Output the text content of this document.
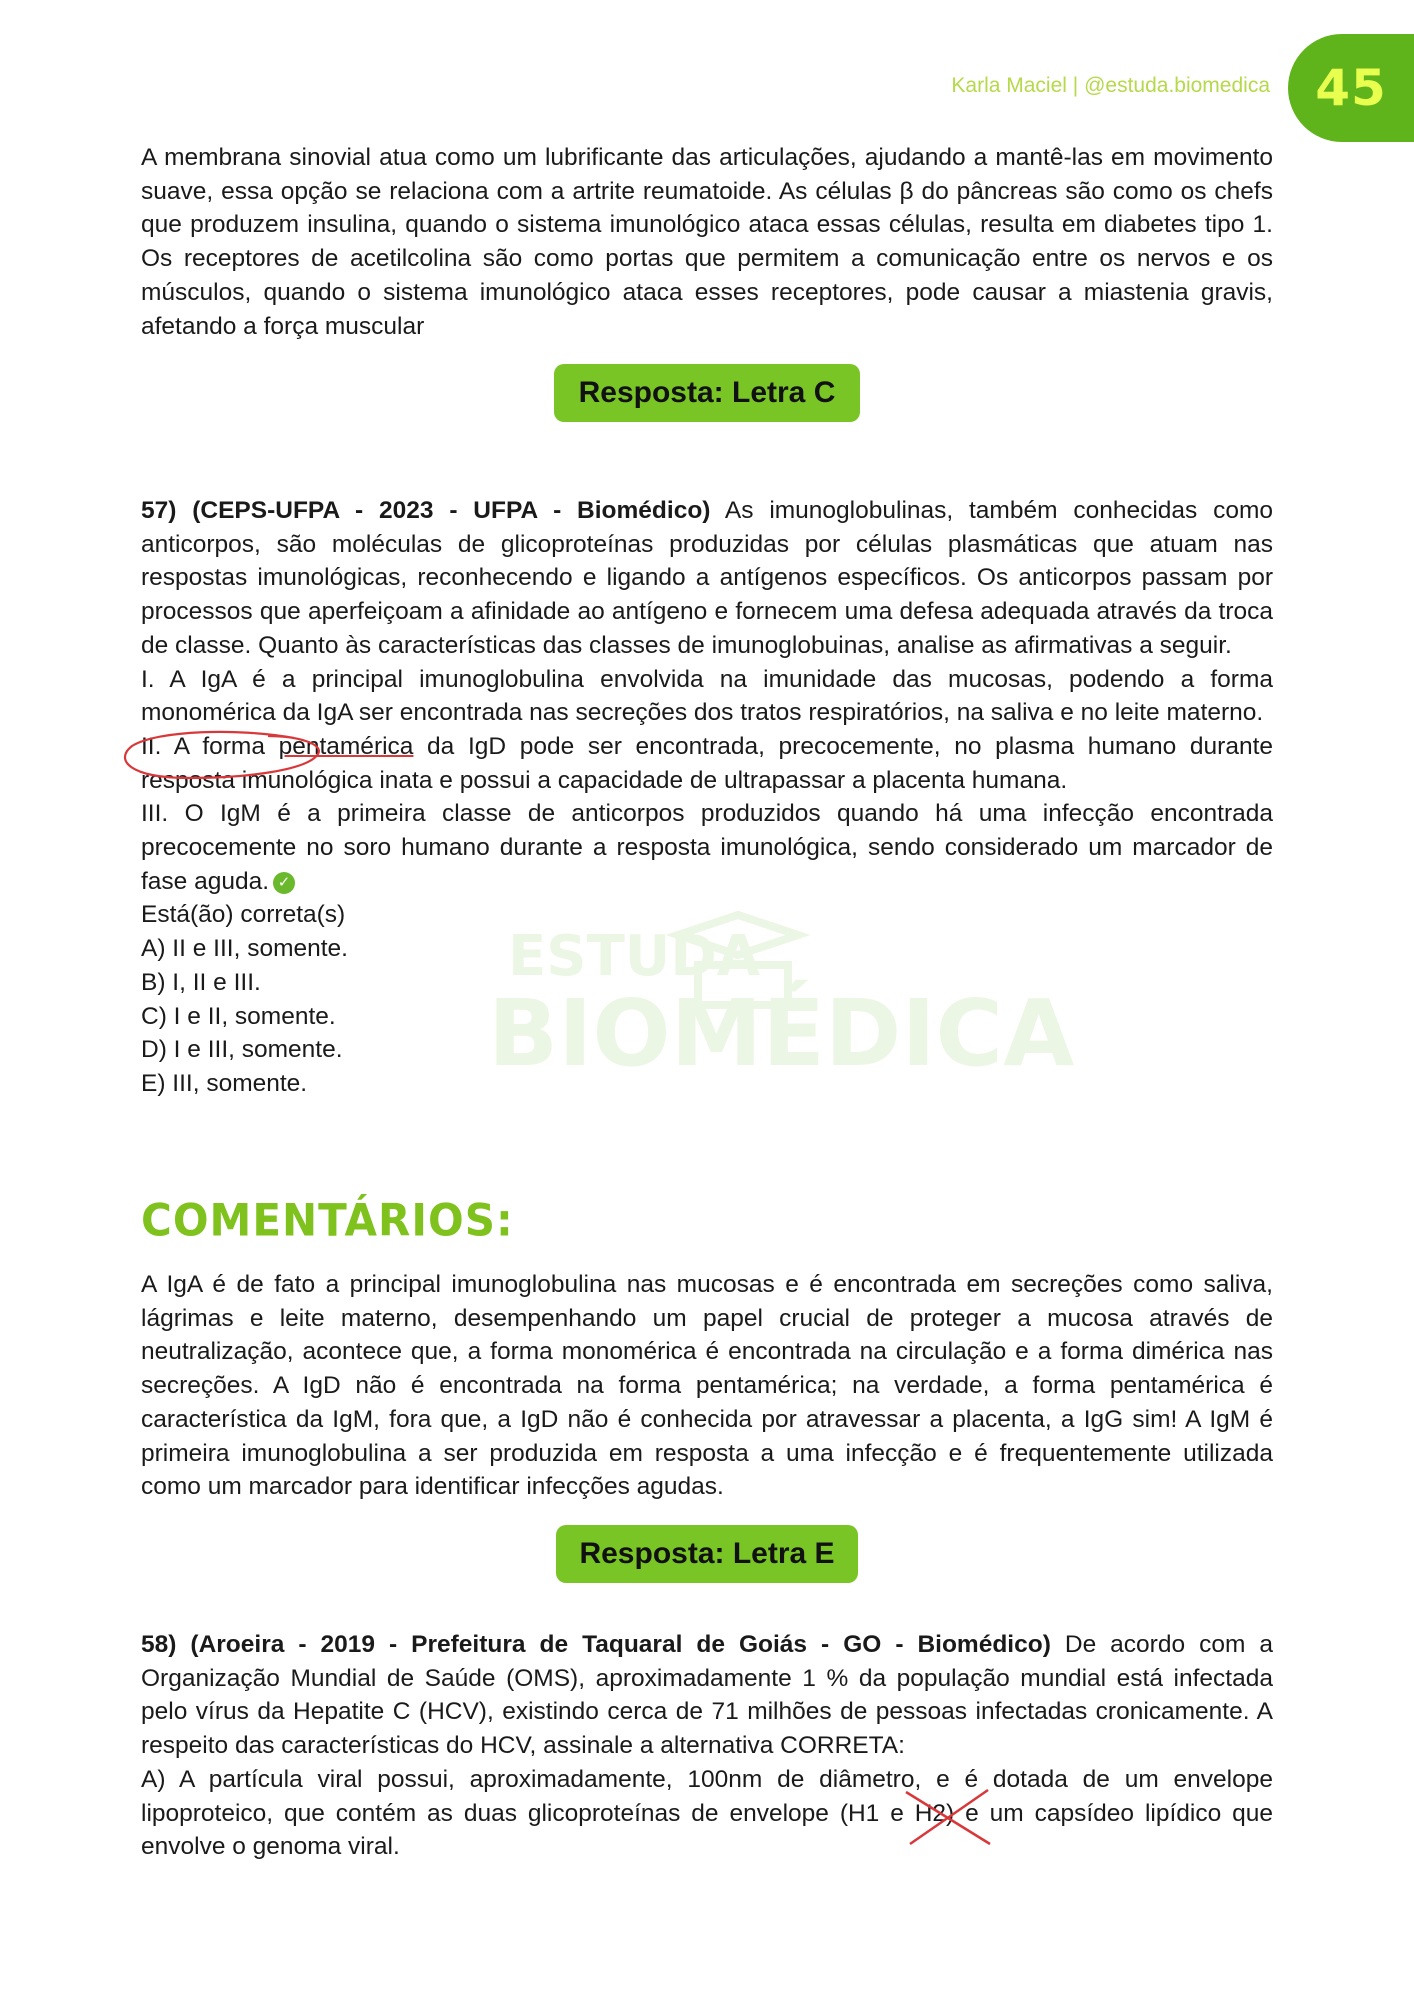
Karla Maciel | @estuda.biomedica 45
ESTUDA
BIOMÉDICA

A membrana sinovial atua como um lubrificante das articulações, ajudando a mantê-las em movimento suave, essa opção se relaciona com a artrite reumatoide. As células β do pâncreas são como os chefs que produzem insulina, quando o sistema imunológico ataca essas células, resulta em diabetes tipo 1. Os receptores de acetilcolina são como portas que permitem a comunicação entre os nervos e os músculos, quando o sistema imunológico ataca esses receptores, pode causar a miastenia gravis, afetando a força muscular

Resposta: Letra C

57) (CEPS-UFPA - 2023 - UFPA - Biomédico) As imunoglobulinas, também conhecidas como anticorpos, são moléculas de glicoproteínas produzidas por células plasmáticas que atuam nas respostas imunológicas, reconhecendo e ligando a antígenos específicos. Os anticorpos passam por processos que aperfeiçoam a afinidade ao antígeno e fornecem uma defesa adequada através da troca de classe. Quanto às características das classes de imunoglobuinas, analise as afirmativas a seguir.

I. A IgA é a principal imunoglobulina envolvida na imunidade das mucosas, podendo a forma monomérica da IgA ser encontrada nas secreções dos tratos respiratórios, na saliva e no leite materno.

II. A forma pentamérica da IgD pode ser encontrada, precocemente, no plasma humano durante resposta imunológica inata e possui a capacidade de ultrapassar a placenta humana.

III. O IgM é a primeira classe de anticorpos produzidos quando há uma infecção encontrada precocemente no soro humano durante a resposta imunológica, sendo considerado um marcador de fase aguda. ✓

Está(ão) correta(s)

A) II e III, somente.

B) I, II e III.

C) I e II, somente.

D) I e III, somente.

E) III, somente.

COMENTÁRIOS:

A IgA é de fato a principal imunoglobulina nas mucosas e é encontrada em secreções como saliva, lágrimas e leite materno, desempenhando um papel crucial de proteger a mucosa através de neutralização, acontece que, a forma monomérica é encontrada na circulação e a forma dimérica nas secreções. A IgD não é encontrada na forma pentamérica; na verdade, a forma pentamérica é característica da IgM, fora que, a IgD não é conhecida por atravessar a placenta, a IgG sim! A IgM é primeira imunoglobulina a ser produzida em resposta a uma infecção e é frequentemente utilizada como um marcador para identificar infecções agudas.

Resposta: Letra E

58) (Aroeira - 2019 - Prefeitura de Taquaral de Goiás - GO - Biomédico) De acordo com a Organização Mundial de Saúde (OMS), aproximadamente 1 % da população mundial está infectada pelo vírus da Hepatite C (HCV), existindo cerca de 71 milhões de pessoas infectadas cronicamente. A respeito das características do HCV, assinale a alternativa CORRETA:

A) A partícula viral possui, aproximadamente, 100nm de diâmetro, e é dotada de um envelope lipoproteico, que contém as duas glicoproteínas de envelope (H1 e H2) e um capsídeo lipídico que envolve o genoma viral.
